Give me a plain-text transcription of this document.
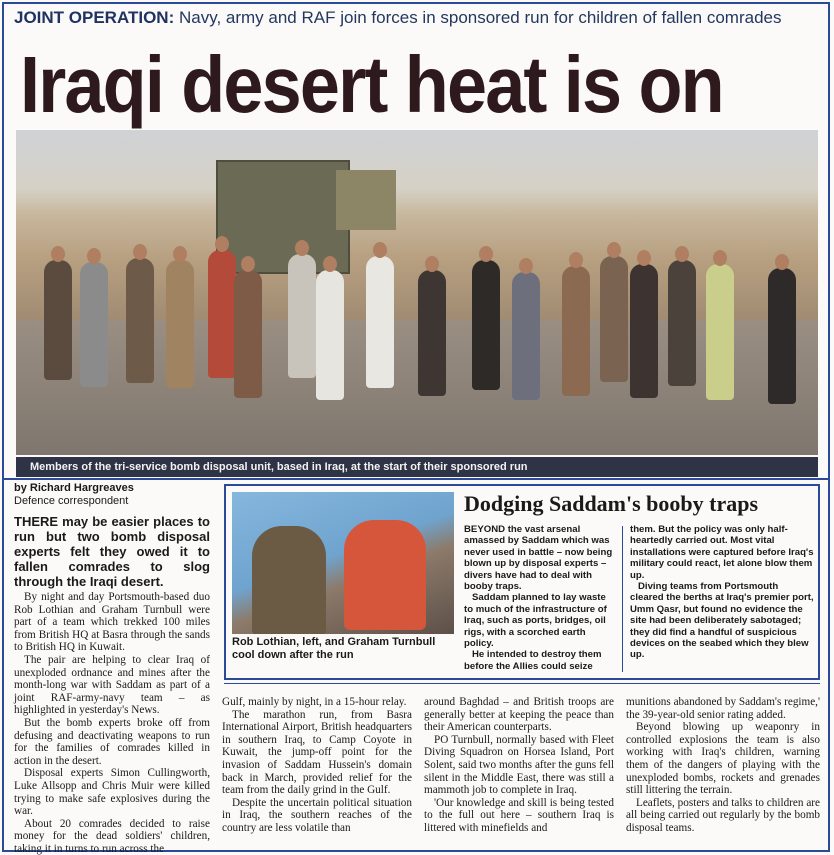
JOINT OPERATION: Navy, army and RAF join forces in sponsored run for children of fallen comrades
Iraqi desert heat is on
Members of the tri-service bomb disposal unit, based in Iraq, at the start of their sponsored run
by Richard Hargreaves
Defence correspondent

THERE may be easier places to run but two bomb disposal experts felt they owed it to fallen comrades to slog through the Iraqi desert.

By night and day Portsmouth-based duo Rob Lothian and Graham Turnbull were part of a team which trekked 100 miles from British HQ at Basra through the sands to British HQ in Kuwait.

The pair are helping to clear Iraq of unexploded ordnance and mines after the month-long war with Saddam as part of a joint RAF-army-navy team – as highlighted in yesterday's News.

But the bomb experts broke off from defusing and deactivating weapons to run for the families of comrades killed in action in the desert.

Disposal experts Simon Cullingworth, Luke Allsopp and Chris Muir were killed trying to make safe explosives during the war.

About 20 comrades decided to raise money for the dead soldiers' children, taking it in turns to run across the

Rob Lothian, left, and Graham Turnbull cool down after the run
Dodging Saddam's booby traps

BEYOND the vast arsenal amassed by Saddam which was never used in battle – now being blown up by disposal experts – divers have had to deal with booby traps.

Saddam planned to lay waste to much of the infrastructure of Iraq, such as ports, bridges, oil rigs, with a scorched earth policy.

He intended to destroy them before the Allies could seize

them. But the policy was only half-heartedly carried out. Most vital installations were captured before Iraq's military could react, let alone blow them up.

Diving teams from Portsmouth cleared the berths at Iraq's premier port, Umm Qasr, but found no evidence the site had been deliberately sabotaged; they did find a handful of suspicious devices on the seabed which they blew up.

Gulf, mainly by night, in a 15-hour relay.

The marathon run, from Basra International Airport, British headquarters in southern Iraq, to Camp Coyote in Kuwait, the jump-off point for the invasion of Saddam Hussein's domain back in March, provided relief for the team from the daily grind in the Gulf.

Despite the uncertain political situation in Iraq, the southern reaches of the country are less volatile than

around Baghdad – and British troops are generally better at keeping the peace than their American counterparts.

PO Turnbull, normally based with Fleet Diving Squadron on Horsea Island, Port Solent, said two months after the guns fell silent in the Middle East, there was still a mammoth job to complete in Iraq.

'Our knowledge and skill is being tested to the full out here – southern Iraq is littered with minefields and

munitions abandoned by Saddam's regime,' the 39-year-old senior rating added.

Beyond blowing up weaponry in controlled explosions the team is also working with Iraq's children, warning them of the dangers of playing with the unexploded bombs, rockets and grenades still littering the terrain.

Leaflets, posters and talks to children are all being carried out regularly by the bomb disposal teams.
